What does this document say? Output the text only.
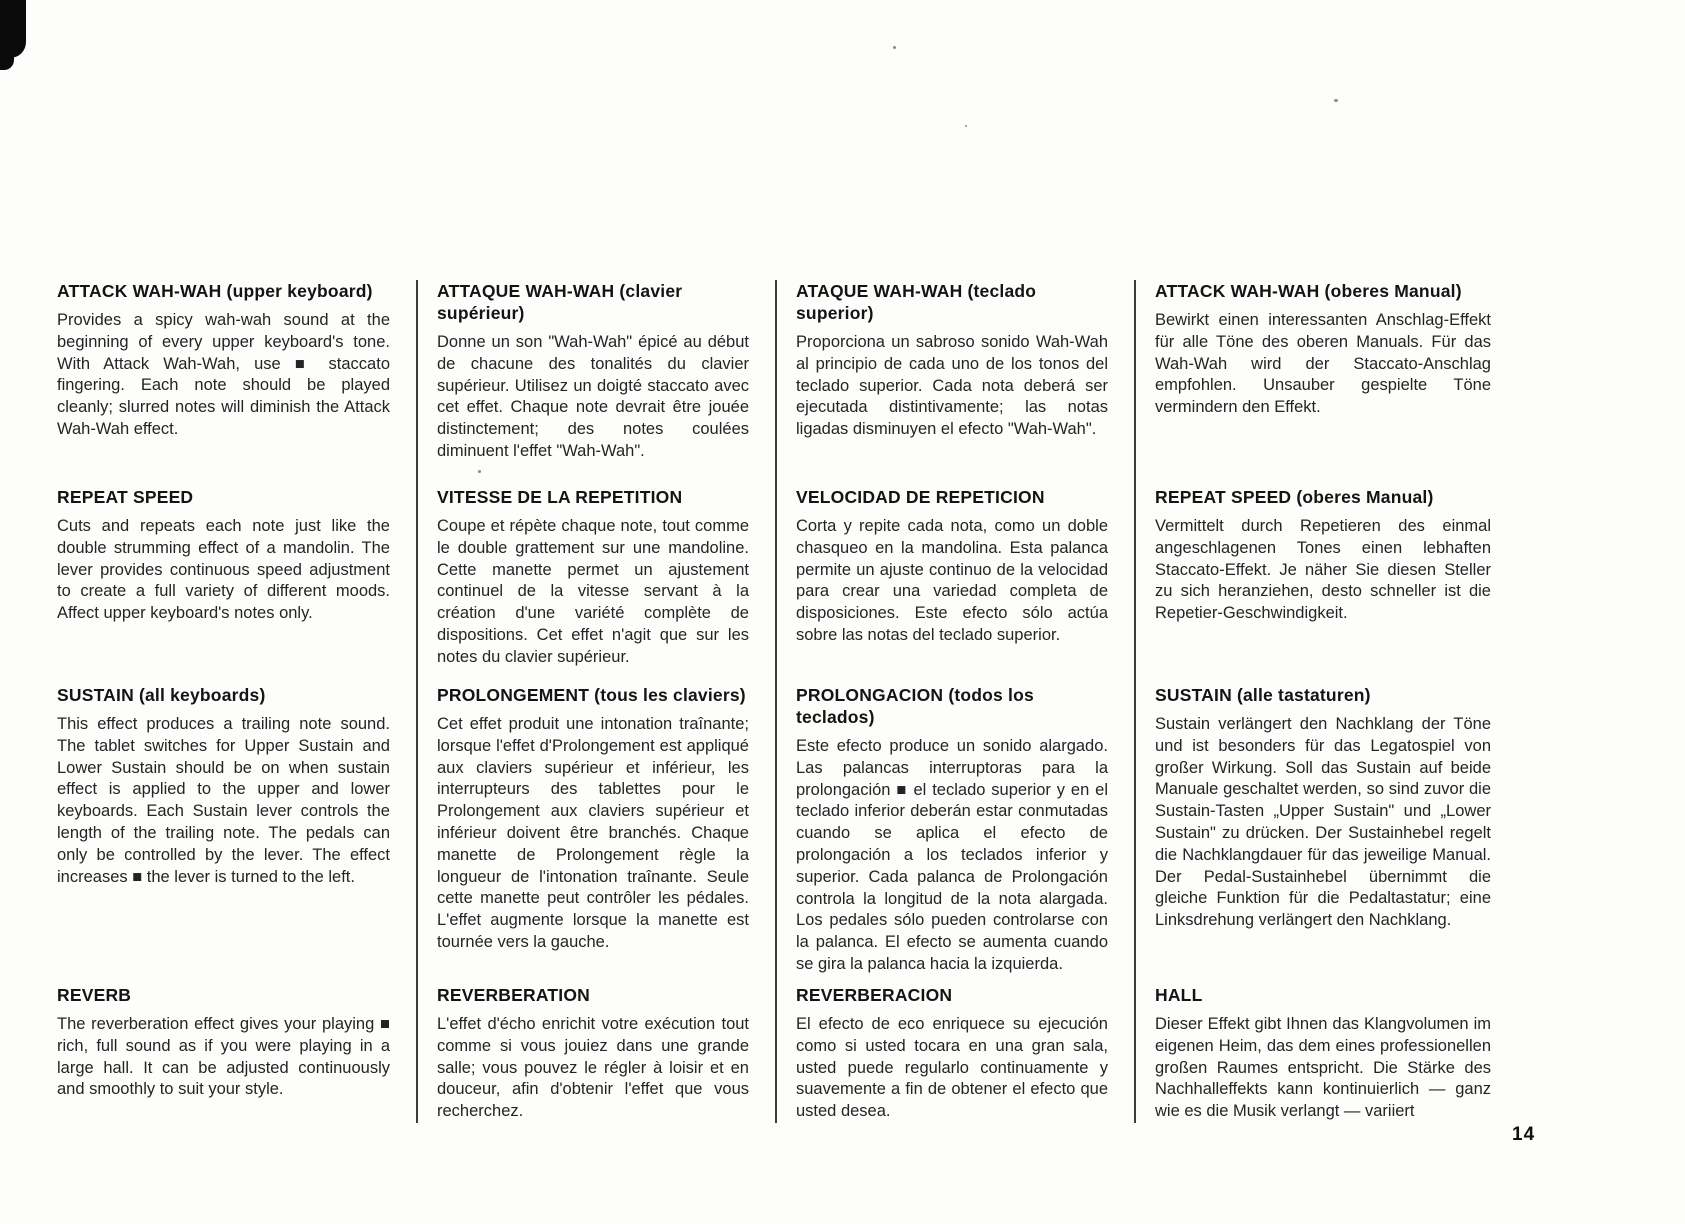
ATTACK WAH-WAH (upper keyboard)

Provides a spicy wah-wah sound at the beginning of every upper keyboard's tone. With Attack Wah-Wah, use ■ staccato fingering. Each note should be played cleanly; slurred notes will diminish the Attack Wah-Wah effect.

ATTAQUE WAH-WAH (clavier supérieur)

Donne un son "Wah-Wah" épicé au début de chacune des tonalités du clavier supérieur. Utilisez un doigté staccato avec cet effet. Chaque note devrait être jouée distinctement; des notes coulées diminuent l'effet "Wah-Wah".

ATAQUE WAH-WAH (teclado superior)

Proporciona un sabroso sonido Wah-Wah al principio de cada uno de los tonos del teclado superior. Cada nota deberá ser ejecutada distintivamente; las notas ligadas disminuyen el efecto "Wah-Wah".

ATTACK WAH-WAH (oberes Manual)

Bewirkt einen interessanten Anschlag-Effekt für alle Töne des oberen Manuals. Für das Wah-Wah wird der Staccato-Anschlag empfohlen. Unsauber gespielte Töne vermindern den Effekt.

REPEAT SPEED

Cuts and repeats each note just like the double strumming effect of a mandolin. The lever provides continuous speed adjustment to create a full variety of different moods. Affect upper keyboard's notes only.

VITESSE DE LA REPETITION

Coupe et répète chaque note, tout comme le double grattement sur une mandoline. Cette manette permet un ajustement continuel de la vitesse servant à la création d'une variété complète de dispositions. Cet effet n'agit que sur les notes du clavier supérieur.

VELOCIDAD DE REPETICION

Corta y repite cada nota, como un doble chasqueo en la mandolina. Esta palanca permite un ajuste continuo de la velocidad para crear una variedad completa de disposiciones. Este efecto sólo actúa sobre las notas del teclado superior.

REPEAT SPEED (oberes Manual)

Vermittelt durch Repetieren des einmal angeschlagenen Tones einen lebhaften Staccato-Effekt. Je näher Sie diesen Steller zu sich heranziehen, desto schneller ist die Repetier-Geschwindigkeit.

SUSTAIN (all keyboards)

This effect produces a trailing note sound. The tablet switches for Upper Sustain and Lower Sustain should be on when sustain effect is applied to the upper and lower keyboards. Each Sustain lever controls the length of the trailing note. The pedals can only be controlled by the lever. The effect increases ■ the lever is turned to the left.

PROLONGEMENT (tous les claviers)

Cet effet produit une intonation traînante; lorsque l'effet d'Prolongement est appliqué aux claviers supérieur et inférieur, les interrupteurs des tablettes pour le Prolongement aux claviers supérieur et inférieur doivent être branchés. Chaque manette de Prolongement règle la longueur de l'intonation traînante. Seule cette manette peut contrôler les pédales. L'effet augmente lorsque la manette est tournée vers la gauche.

PROLONGACION (todos los teclados)

Este efecto produce un sonido alargado. Las palancas interruptoras para la prolongación ■ el teclado superior y en el teclado inferior deberán estar conmutadas cuando se aplica el efecto de prolongación a los teclados inferior y superior. Cada palanca de Prolongación controla la longitud de la nota alargada. Los pedales sólo pueden controlarse con la palanca. El efecto se aumenta cuando se gira la palanca hacia la izquierda.

SUSTAIN (alle tastaturen)

Sustain verlängert den Nachklang der Töne und ist besonders für das Legatospiel von großer Wirkung. Soll das Sustain auf beide Manuale geschaltet werden, so sind zuvor die Sustain-Tasten „Upper Sustain" und „Lower Sustain" zu drücken. Der Sustainhebel regelt die Nachklangdauer für das jeweilige Manual. Der Pedal-Sustainhebel übernimmt die gleiche Funktion für die Pedaltastatur; eine Linksdrehung verlängert den Nachklang.

REVERB

The reverberation effect gives your playing ■ rich, full sound as if you were playing in a large hall. It can be adjusted continuously and smoothly to suit your style.

REVERBERATION

L'effet d'écho enrichit votre exécution tout comme si vous jouiez dans une grande salle; vous pouvez le régler à loisir et en douceur, afin d'obtenir l'effet que vous recherchez.

REVERBERACION

El efecto de eco enriquece su ejecución como si usted tocara en una gran sala, usted puede regularlo continuamente y suavemente a fin de obtener el efecto que usted desea.

HALL

Dieser Effekt gibt Ihnen das Klangvolumen im eigenen Heim, das dem eines professionellen großen Raumes entspricht. Die Stärke des Nachhalleffekts kann kontinuierlich — ganz wie es die Musik verlangt — variiert

14
